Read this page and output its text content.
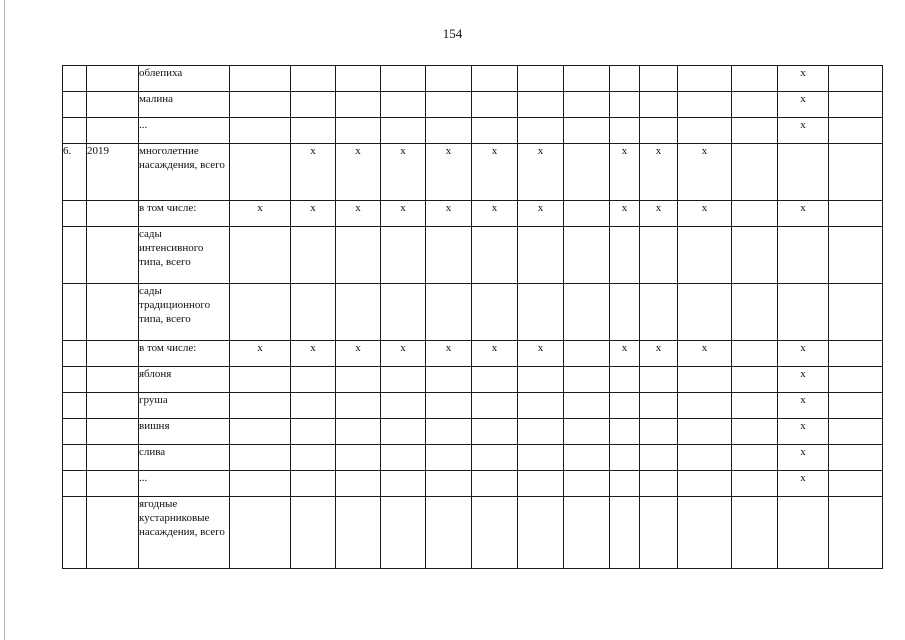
154
		облепиха													x	
		малина													x	
		...													x	
6.	2019	многолетние насаждения, всего		x	x	x	x	x	x		x	x	x			
		в том числе:	x	x	x	x	x	x	x		x	x	x		x	
		сады интенсивного типа, всего														
		сады традиционного типа, всего														
		в том числе:	x	x	x	x	x	x	x		x	x	x		x	
		яблоня													x	
		груша													x	
		вишня													x	
		слива													x	
		...													x	
		ягодные кустарниковые насаждения, всего														
